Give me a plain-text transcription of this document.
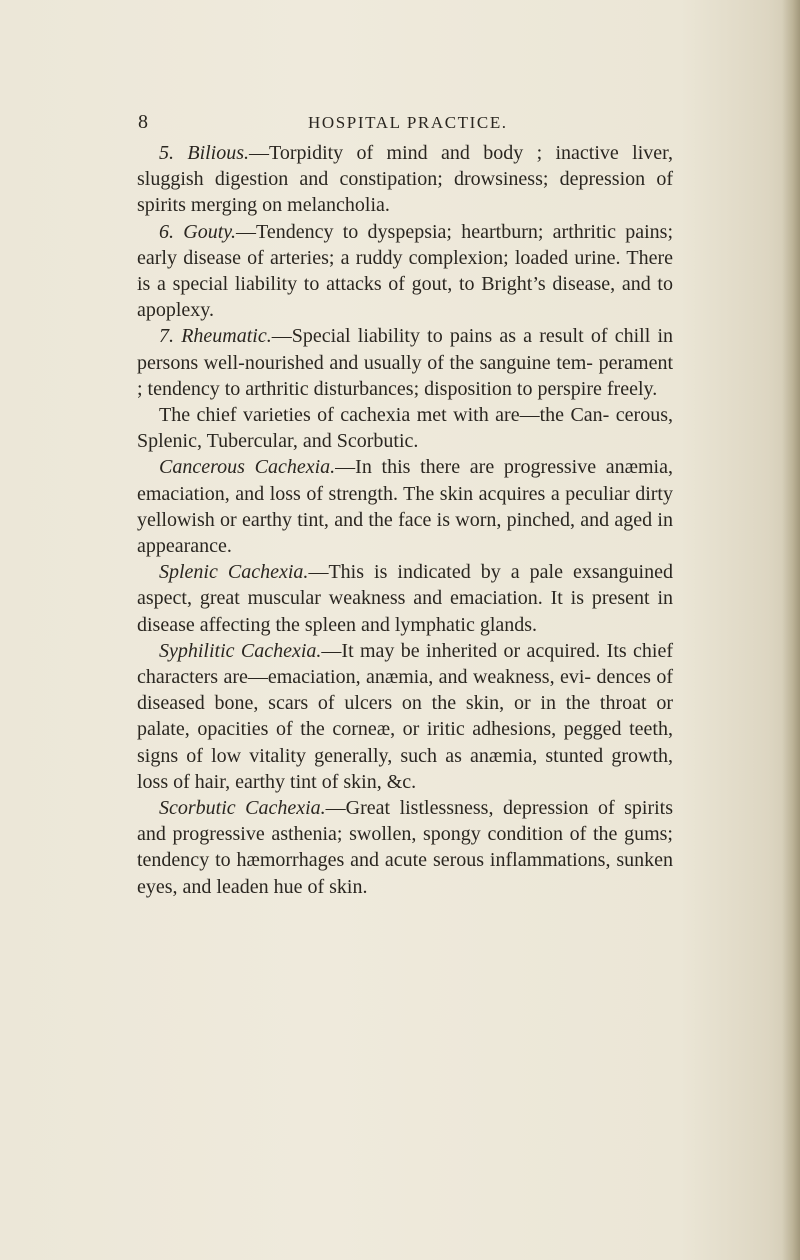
8	HOSPITAL PRACTICE.

5. Bilious.—Torpidity of mind and body ; inactive liver, sluggish digestion and constipation; drowsiness; depression of spirits merging on melancholia.

6. Gouty.—Tendency to dyspepsia; heartburn; arthritic pains; early disease of arteries; a ruddy complexion; loaded urine. There is a special liability to attacks of gout, to Bright’s disease, and to apoplexy.

7. Rheumatic.—Special liability to pains as a result of chill in persons well-nourished and usually of the sanguine tem- perament ; tendency to arthritic disturbances; disposition to perspire freely.

The chief varieties of cachexia met with are—the Can- cerous, Splenic, Tubercular, and Scorbutic.

Cancerous Cachexia.—In this there are progressive anæmia, emaciation, and loss of strength. The skin acquires a peculiar dirty yellowish or earthy tint, and the face is worn, pinched, and aged in appearance.

Splenic Cachexia.—This is indicated by a pale exsanguined aspect, great muscular weakness and emaciation. It is present in disease affecting the spleen and lymphatic glands.

Syphilitic Cachexia.—It may be inherited or acquired. Its chief characters are—emaciation, anæmia, and weakness, evi- dences of diseased bone, scars of ulcers on the skin, or in the throat or palate, opacities of the corneæ, or iritic adhesions, pegged teeth, signs of low vitality generally, such as anæmia, stunted growth, loss of hair, earthy tint of skin, &c.

Scorbutic Cachexia.—Great listlessness, depression of spirits and progressive asthenia; swollen, spongy condition of the gums; tendency to hæmorrhages and acute serous inflammations, sunken eyes, and leaden hue of skin.
